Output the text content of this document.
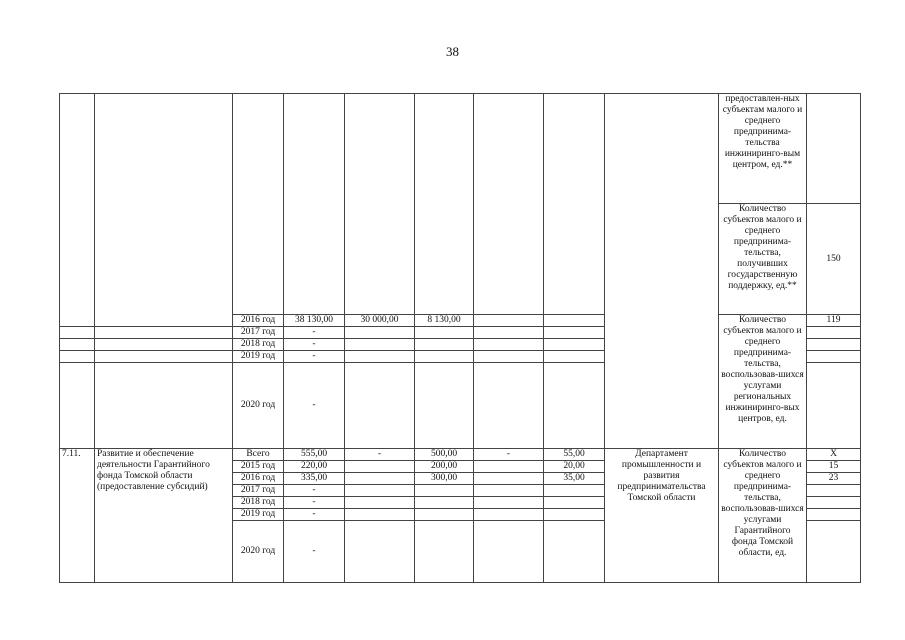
38
									предоставлен-ных субъектам малого и среднего предпринима-тельства инжиниринго-вым центром, ед.**	
									Количество субъектов малого и среднего предпринима-тельства, получивших государственную поддержку, ед.**	150
		2016 год	38 130,00	30 000,00	8 130,00				Количество субъектов малого и среднего предпринима-тельства, воспользовав-шихся услугами региональных инжиниринго-вых центров, ед.	119
		2017 год	-							
		2018 год	-							
		2019 год	-							
		2020 год	-							
7.11.	Развитие и обеспечение деятельности Гарантийного фонда Томской области (предоставление субсидий)	Всего	555,00	-	500,00	-	55,00	Департамент промышленности и развития предпринимательства Томской области	Количество субъектов малого и среднего предпринима-тельства, воспользовав-шихся услугами Гарантийного фонда Томской области, ед.	X
		2015 год	220,00		200,00		20,00			15
		2016 год	335,00		300,00		35,00			23
		2017 год	-							
		2018 год	-							
		2019 год	-							
		2020 год	-							
